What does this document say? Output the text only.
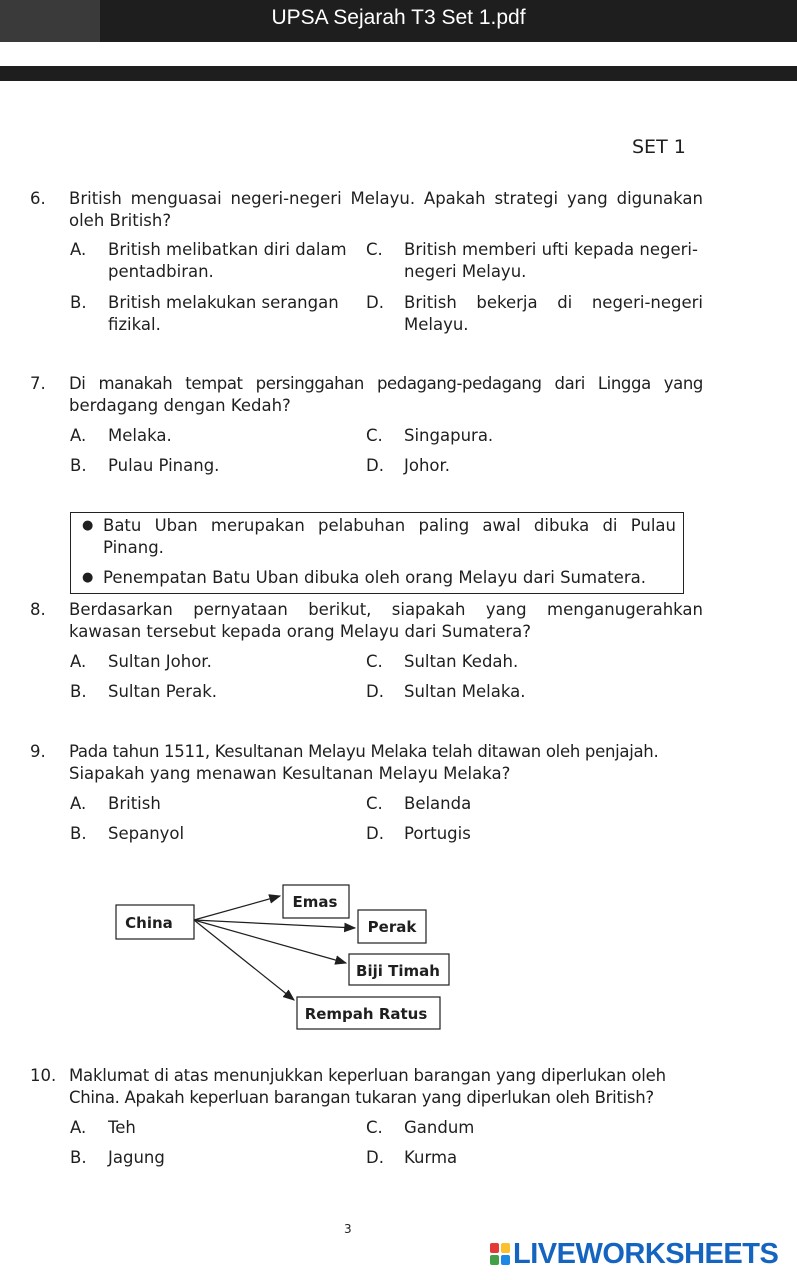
UPSA Sejarah T3 Set 1.pdf
SET 1
6.	British menguasai negeri-negeri Melayu. Apakah strategi yang digunakan
oleh British?
A.	British melibatkan diri dalam
pentadbiran.
C.	British memberi ufti kepada negeri-
negeri Melayu.
B.	British melakukan serangan
fizikal.
D.	British bekerja di negeri-negeri
Melayu.
7.	Di manakah tempat persinggahan pedagang-pedagang dari Lingga yang
berdagang dengan Kedah?
A.	Melaka.	C.	Singapura.
B.	Pulau Pinang.	D.	Johor.
● Batu Uban merupakan pelabuhan paling awal dibuka di Pulau
Pinang.
● Penempatan Batu Uban dibuka oleh orang Melayu dari Sumatera.
8.	Berdasarkan pernyataan berikut, siapakah yang menganugerahkan
kawasan tersebut kepada orang Melayu dari Sumatera?
A.	Sultan Johor.	C.	Sultan Kedah.
B.	Sultan Perak.	D.	Sultan Melaka.
9.	Pada tahun 1511, Kesultanan Melayu Melaka telah ditawan oleh penjajah.
Siapakah yang menawan Kesultanan Melayu Melaka?
A.	British	C.	Belanda
B.	Sepanyol	D.	Portugis
China
Emas
Perak
Biji Timah
Rempah Ratus
10. Maklumat di atas menunjukkan keperluan barangan yang diperlukan oleh
China. Apakah keperluan barangan tukaran yang diperlukan oleh British?
A.	Teh	C.	Gandum
B.	Jagung	D.	Kurma
3
LIVEWORKSHEETS
